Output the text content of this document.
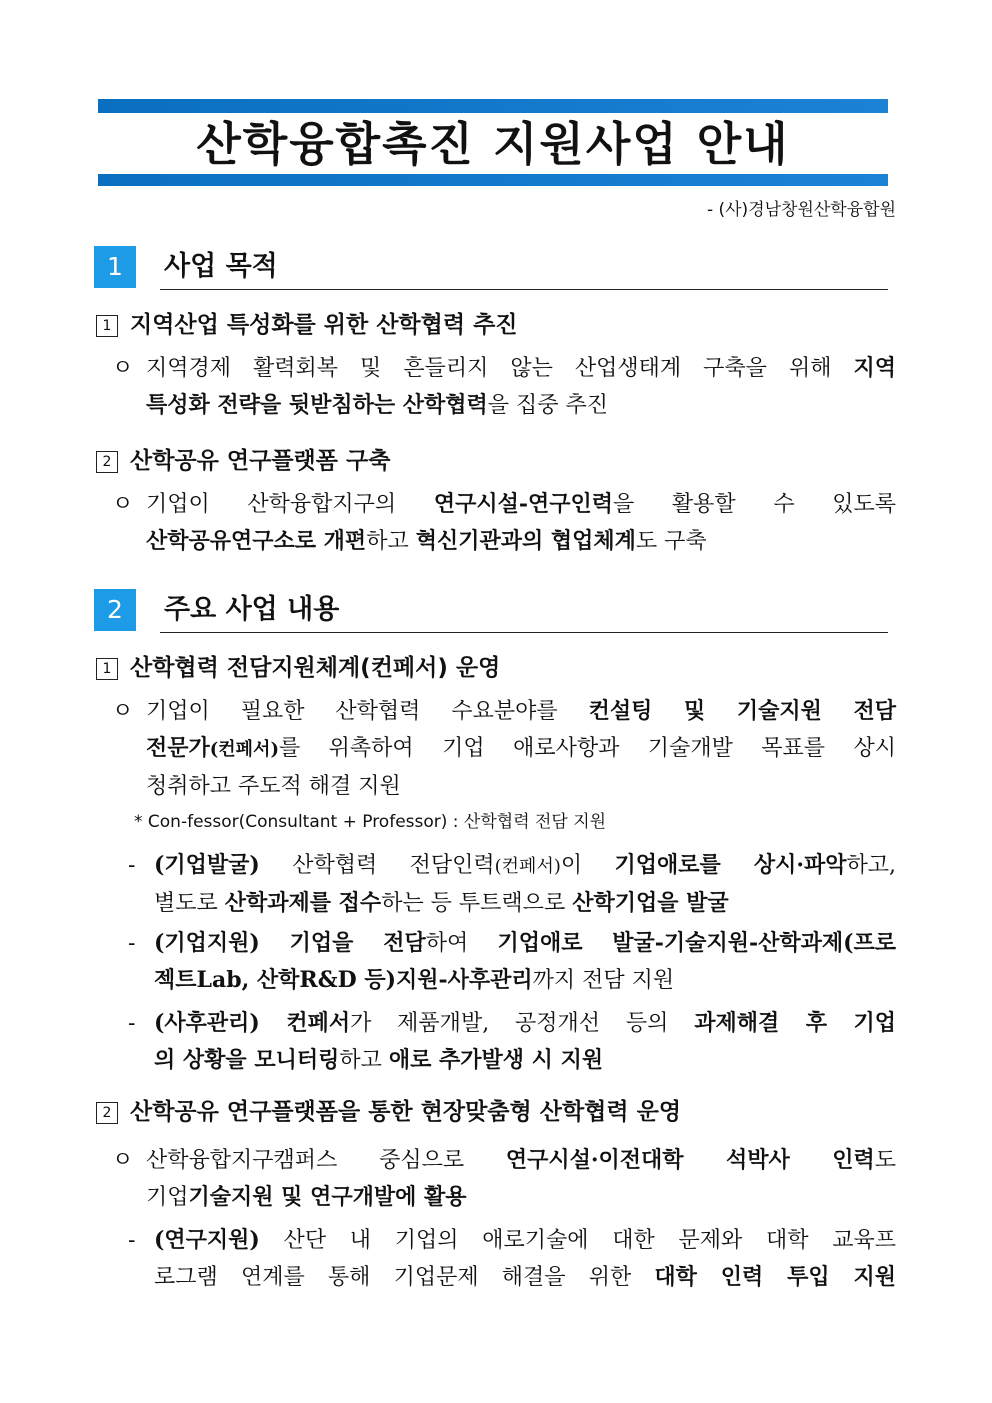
산학융합촉진 지원사업 안내
- (사)경남창원산학융합원
1	사업 목적
1 지역산업 특성화를 위한 산학협력 추진
ㅇ 지역경제 활력회복 및 흔들리지 않는 산업생태계 구축을 위해 지역
특성화 전략을 뒷받침하는 산학협력을 집중 추진
2 산학공유 연구플랫폼 구축
ㅇ 기업이 산학융합지구의 연구시설-연구인력을 활용할 수 있도록
산학공유연구소로 개편하고 혁신기관과의 협업체계도 구축
2	주요 사업 내용
1 산학협력 전담지원체계(컨페서) 운영
ㅇ 기업이 필요한 산학협력 수요분야를 컨설팅 및 기술지원 전담
전문가(컨페서)를 위촉하여 기업 애로사항과 기술개발 목표를 상시
청취하고 주도적 해결 지원
* Con-fessor(Consultant + Professor) : 산학협력 전담 지원
- (기업발굴) 산학협력 전담인력(컨페서)이 기업애로를 상시·파악하고,
별도로 산학과제를 접수하는 등 투트랙으로 산학기업을 발굴
- (기업지원) 기업을 전담하여 기업애로 발굴-기술지원-산학과제(프로
젝트Lab, 산학R&D 등)지원-사후관리까지 전담 지원
- (사후관리) 컨페서가 제품개발, 공정개선 등의 과제해결 후 기업
의 상황을 모니터링하고 애로 추가발생 시 지원
2 산학공유 연구플랫폼을 통한 현장맞춤형 산학협력 운영
ㅇ 산학융합지구캠퍼스 중심으로 연구시설·이전대학 석박사 인력도
기업기술지원 및 연구개발에 활용
- (연구지원) 산단 내 기업의 애로기술에 대한 문제와 대학 교육프
로그램 연계를 통해 기업문제 해결을 위한 대학 인력 투입 지원
